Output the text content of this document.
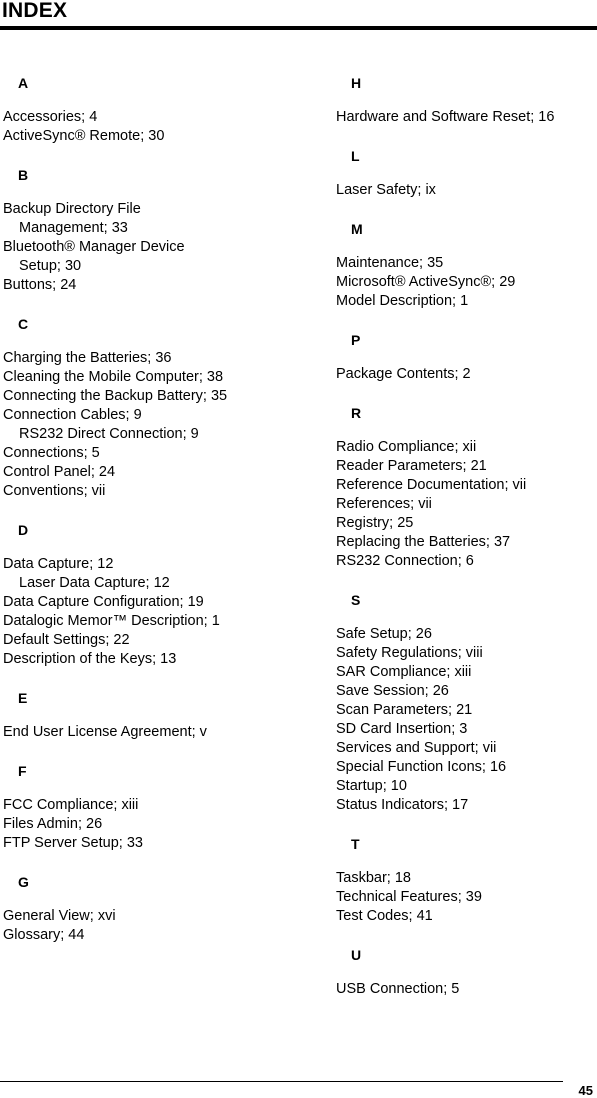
INDEX
A
Accessories; 4
ActiveSync® Remote; 30
B
Backup Directory File
Management; 33
Bluetooth® Manager Device
Setup; 30
Buttons; 24
C
Charging the Batteries; 36
Cleaning the Mobile Computer; 38
Connecting the Backup Battery; 35
Connection Cables; 9
RS232 Direct Connection; 9
Connections; 5
Control Panel; 24
Conventions; vii
D
Data Capture; 12
Laser Data Capture; 12
Data Capture Configuration; 19
Datalogic Memor™ Description; 1
Default Settings; 22
Description of the Keys; 13
E
End User License Agreement; v
F
FCC Compliance; xiii
Files Admin; 26
FTP Server Setup; 33
G
General View; xvi
Glossary; 44
H
Hardware and Software Reset; 16
L
Laser Safety; ix
M
Maintenance; 35
Microsoft® ActiveSync®; 29
Model Description; 1
P
Package Contents; 2
R
Radio Compliance; xii
Reader Parameters; 21
Reference Documentation; vii
References; vii
Registry; 25
Replacing the Batteries; 37
RS232 Connection; 6
S
Safe Setup; 26
Safety Regulations; viii
SAR Compliance; xiii
Save Session; 26
Scan Parameters; 21
SD Card Insertion; 3
Services and Support; vii
Special Function Icons; 16
Startup; 10
Status Indicators; 17
T
Taskbar; 18
Technical Features; 39
Test Codes; 41
U
USB Connection; 5
45
